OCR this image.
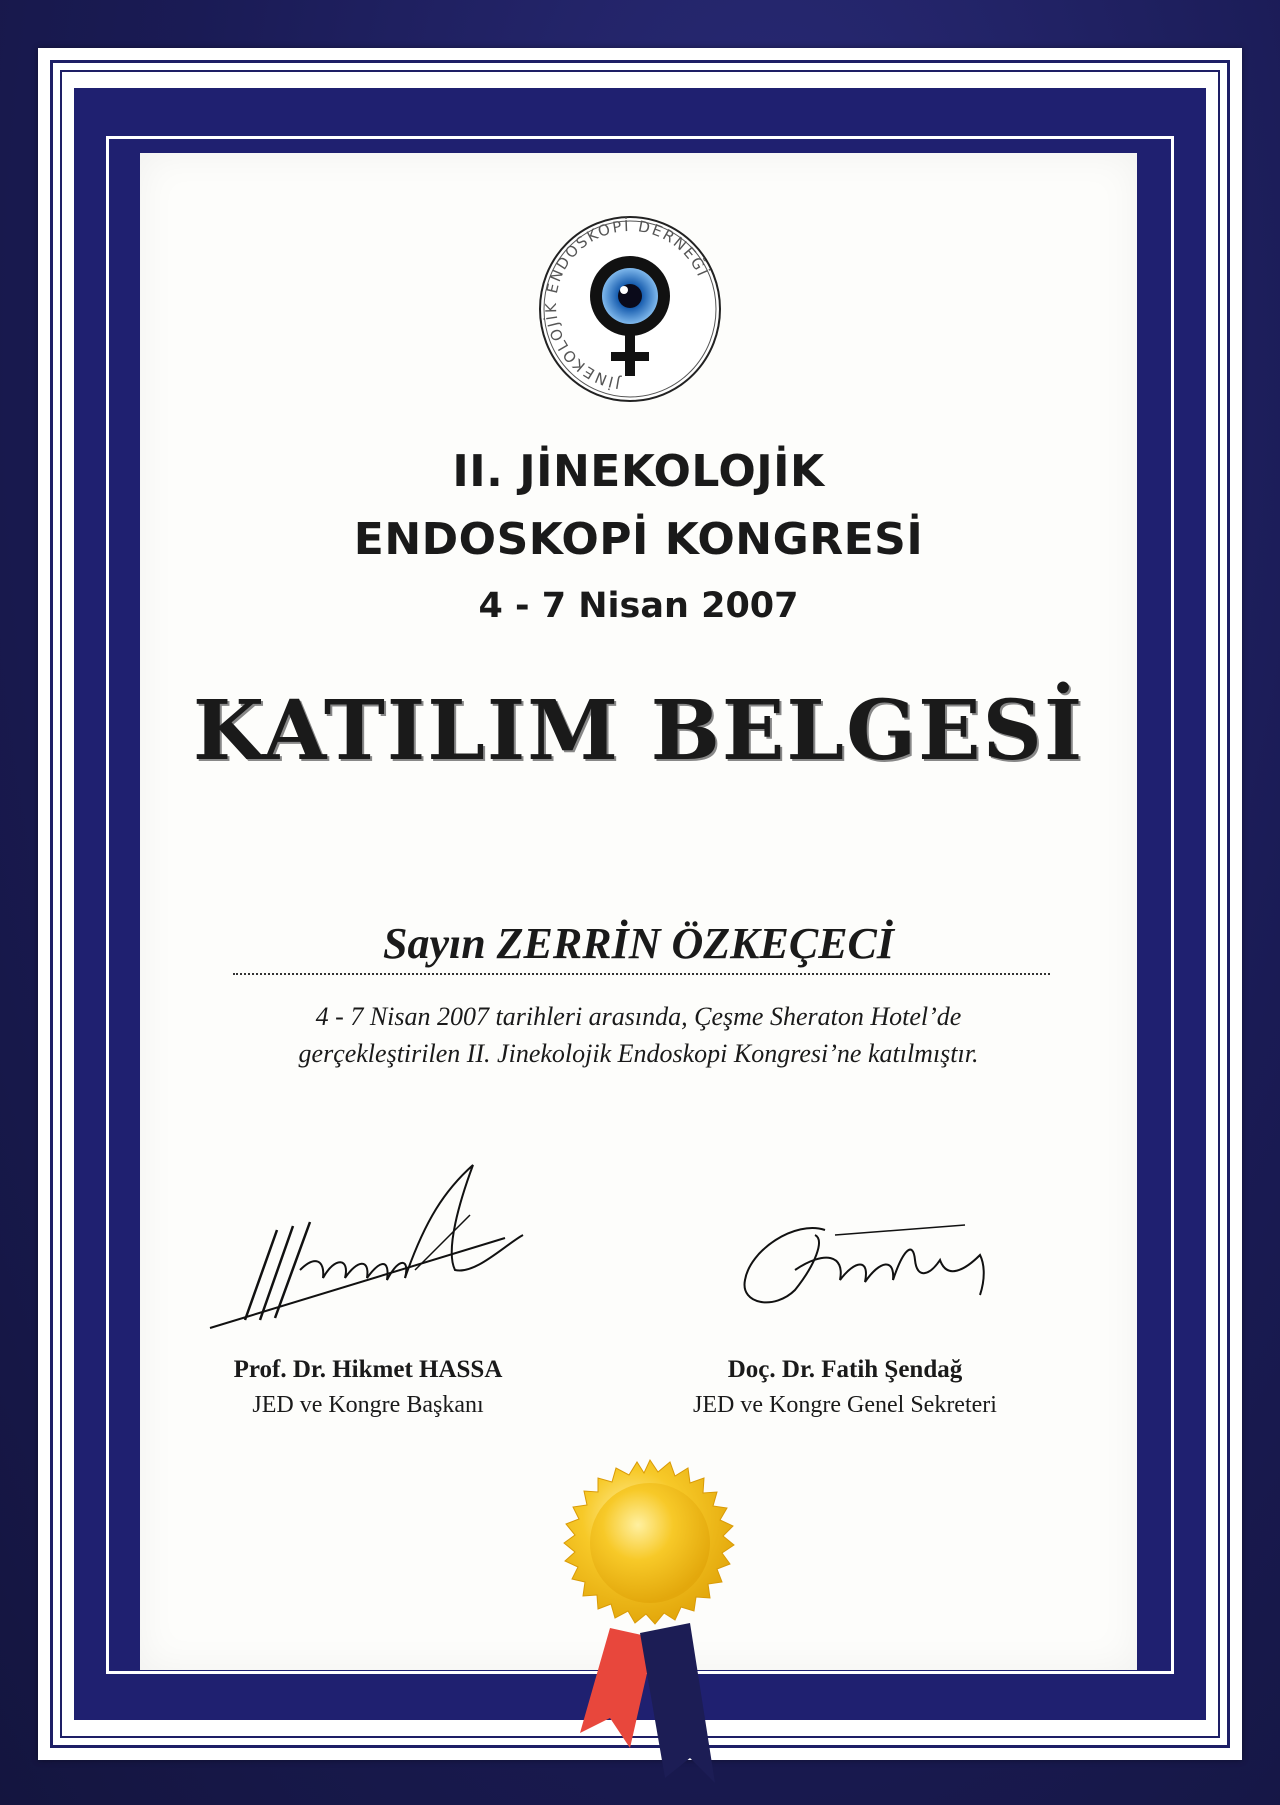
JİNEKOLOJİK ENDOSKOPİ DERNEĞİ
II. JİNEKOLOJİK
ENDOSKOPİ KONGRESİ
4 - 7 Nisan 2007
KATILIM BELGESİ
Sayın ZERRİN ÖZKEÇECİ
4 - 7 Nisan 2007 tarihleri arasında, Çeşme Sheraton Hotel’de
gerçekleştirilen II. Jinekolojik Endoskopi Kongresi’ne katılmıştır.
Prof. Dr. Hikmet HASSA
JED ve Kongre Başkanı
Doç. Dr. Fatih Şendağ
JED ve Kongre Genel Sekreteri
